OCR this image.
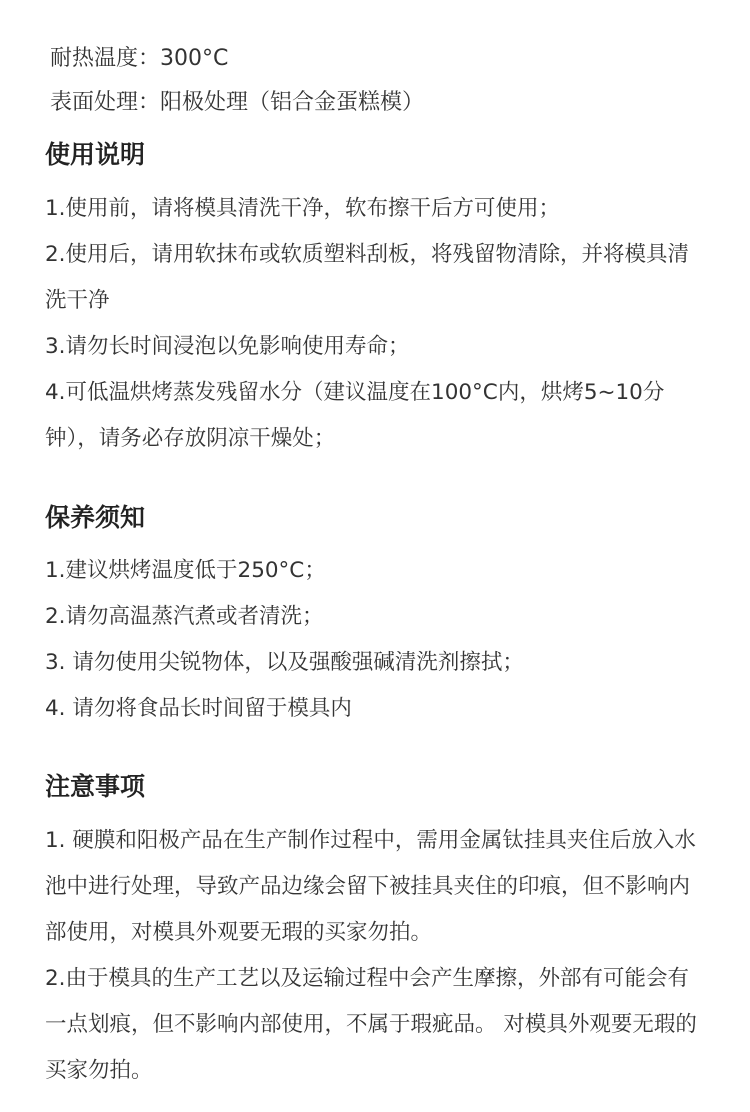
耐热温度：300°C
表面处理：阳极处理（铝合金蛋糕模）
使用说明
1.使用前，请将模具清洗干净，软布擦干后方可使用；
2.使用后，请用软抹布或软质塑料刮板，将残留物清除，并将模具清洗干净
3.请勿长时间浸泡以免影响使用寿命；
4.可低温烘烤蒸发残留水分（建议温度在100°C内，烘烤5~10分钟），请务必存放阴凉干燥处；
保养须知
1.建议烘烤温度低于250°C；
2.请勿高温蒸汽煮或者清洗；
3. 请勿使用尖锐物体，以及强酸强碱清洗剂擦拭；
4. 请勿将食品长时间留于模具内
注意事项
1. 硬膜和阳极产品在生产制作过程中，需用金属钛挂具夹住后放入水池中进行处理，导致产品边缘会留下被挂具夹住的印痕，但不影响内部使用，对模具外观要无瑕的买家勿拍。
2.由于模具的生产工艺以及运输过程中会产生摩擦，外部有可能会有一点划痕，但不影响内部使用，不属于瑕疵品。 对模具外观要无瑕的买家勿拍。
